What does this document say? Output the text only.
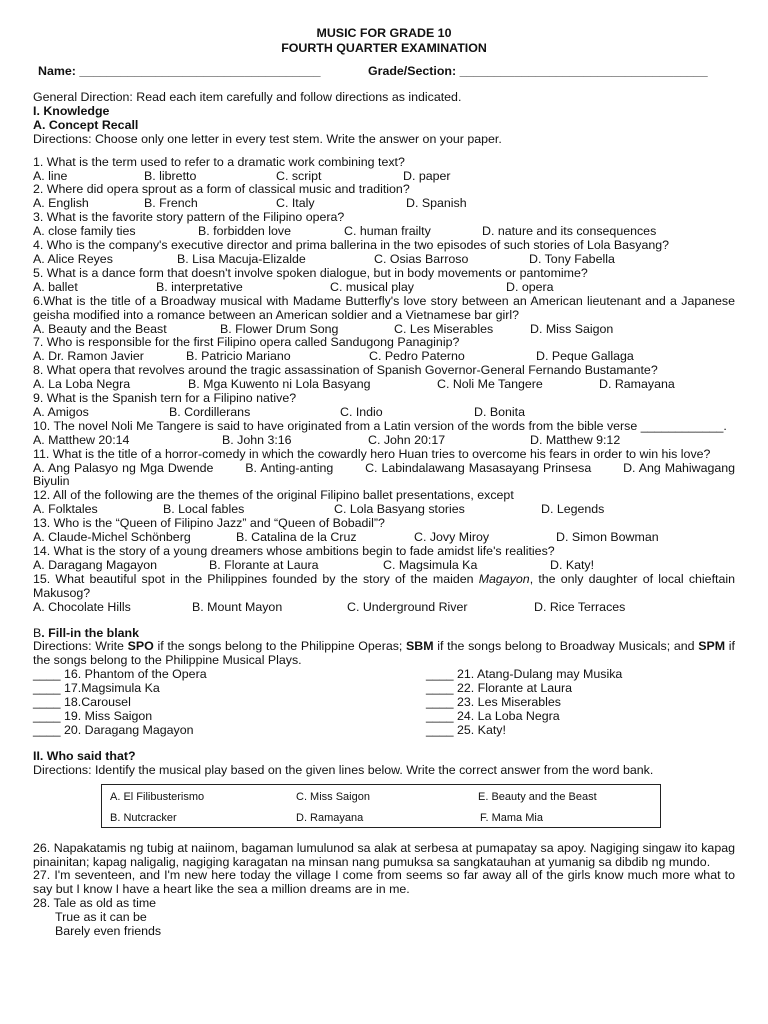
MUSIC FOR GRADE 10
FOURTH QUARTER EXAMINATION
Name: ___________________________________	Grade/Section: ____________________________________
General Direction: Read each item carefully and follow directions as indicated.
I. Knowledge
A. Concept Recall
Directions: Choose only one letter in every test stem. Write the answer on your paper.
1. What is the term used to refer to a dramatic work combining text?
A. line	B. libretto	C. script	D. paper
2. Where did opera sprout as a form of classical music and tradition?
A. English	B. French	C. Italy	D. Spanish
3. What is the favorite story pattern of the Filipino opera?
A. close family ties	B. forbidden love	C. human frailty	D. nature and its consequences
4. Who is the company's executive director and prima ballerina in the two episodes of such stories of Lola Basyang?
A. Alice Reyes	B. Lisa Macuja-Elizalde	C. Osias Barroso	D. Tony Fabella
5. What is a dance form that doesn't involve spoken dialogue, but in body movements or pantomime?
A. ballet	B. interpretative	C. musical play	D. opera
6.What is the title of a Broadway musical with Madame Butterfly's love story between an American lieutenant and a Japanese geisha modified into a romance between an American soldier and a Vietnamese bar girl?
A. Beauty and the Beast	B. Flower Drum Song	C. Les Miserables	D. Miss Saigon
7. Who is responsible for the first Filipino opera called Sandugong Panaginip?
A. Dr. Ramon Javier	B. Patricio Mariano	C. Pedro Paterno	D. Peque Gallaga
8. What opera that revolves around the tragic assassination of Spanish Governor-General Fernando Bustamante?
A. La Loba Negra	B. Mga Kuwento ni Lola Basyang	C. Noli Me Tangere	D. Ramayana
9. What is the Spanish tern for a Filipino native?
A. Amigos	B. Cordillerans	C. Indio	D. Bonita
10. The novel Noli Me Tangere is said to have originated from a Latin version of the words from the bible verse ____________.
A. Matthew 20:14	B. John 3:16	C. John 20:17	D. Matthew 9:12
11. What is the title of a horror-comedy in which the cowardly hero Huan tries to overcome his fears in order to win his love?
A. Ang Palasyo ng Mga Dwende	B. Anting-anting	C. Labindalawang Masasayang Prinsesa	D. Ang Mahiwagang Biyulin
12. All of the following are the themes of the original Filipino ballet presentations, except
A. Folktales	B. Local fables	C. Lola Basyang stories	D. Legends
13. Who is the “Queen of Filipino Jazz” and “Queen of Bobadil”?
A. Claude-Michel Schönberg	B. Catalina de la Cruz	C. Jovy Miroy	D. Simon Bowman
14. What is the story of a young dreamers whose ambitions begin to fade amidst life's realities?
A. Daragang Magayon	B. Florante at Laura	C. Magsimula Ka	D. Katy!
15. What beautiful spot in the Philippines founded by the story of the maiden Magayon, the only daughter of local chieftain Makusog?
A. Chocolate Hills	B. Mount Mayon	C. Underground River	D. Rice Terraces
B. Fill-in the blank
Directions: Write SPO if the songs belong to the Philippine Operas; SBM if the songs belong to Broadway Musicals; and SPM if the songs belong to the Philippine Musical Plays.
____ 16. Phantom of the Opera
____ 17.Magsimula Ka
____ 18.Carousel
____ 19. Miss Saigon
____ 20. Daragang Magayon
____ 21. Atang-Dulang may Musika
____ 22. Florante at Laura
____ 23. Les Miserables
____ 24. La Loba Negra
____ 25. Katy!
II. Who said that?
Directions: Identify the musical play based on the given lines below. Write the correct answer from the word bank.
A. El Filibusterismo	C. Miss Saigon	E. Beauty and the Beast
B. Nutcracker	D. Ramayana	F. Mama Mia
26. Napakatamis ng tubig at naiinom, bagaman lumulunod sa alak at serbesa at pumapatay sa apoy. Nagiging singaw ito kapag pinainitan; kapag naligalig, nagiging karagatan na minsan nang pumuksa sa sangkatauhan at yumanig sa dibdib ng mundo.
27. I'm seventeen, and I'm new here today the village I come from seems so far away all of the girls know much more what to say but I know I have a heart like the sea a million dreams are in me.
28. Tale as old as time
True as it can be
Barely even friends
